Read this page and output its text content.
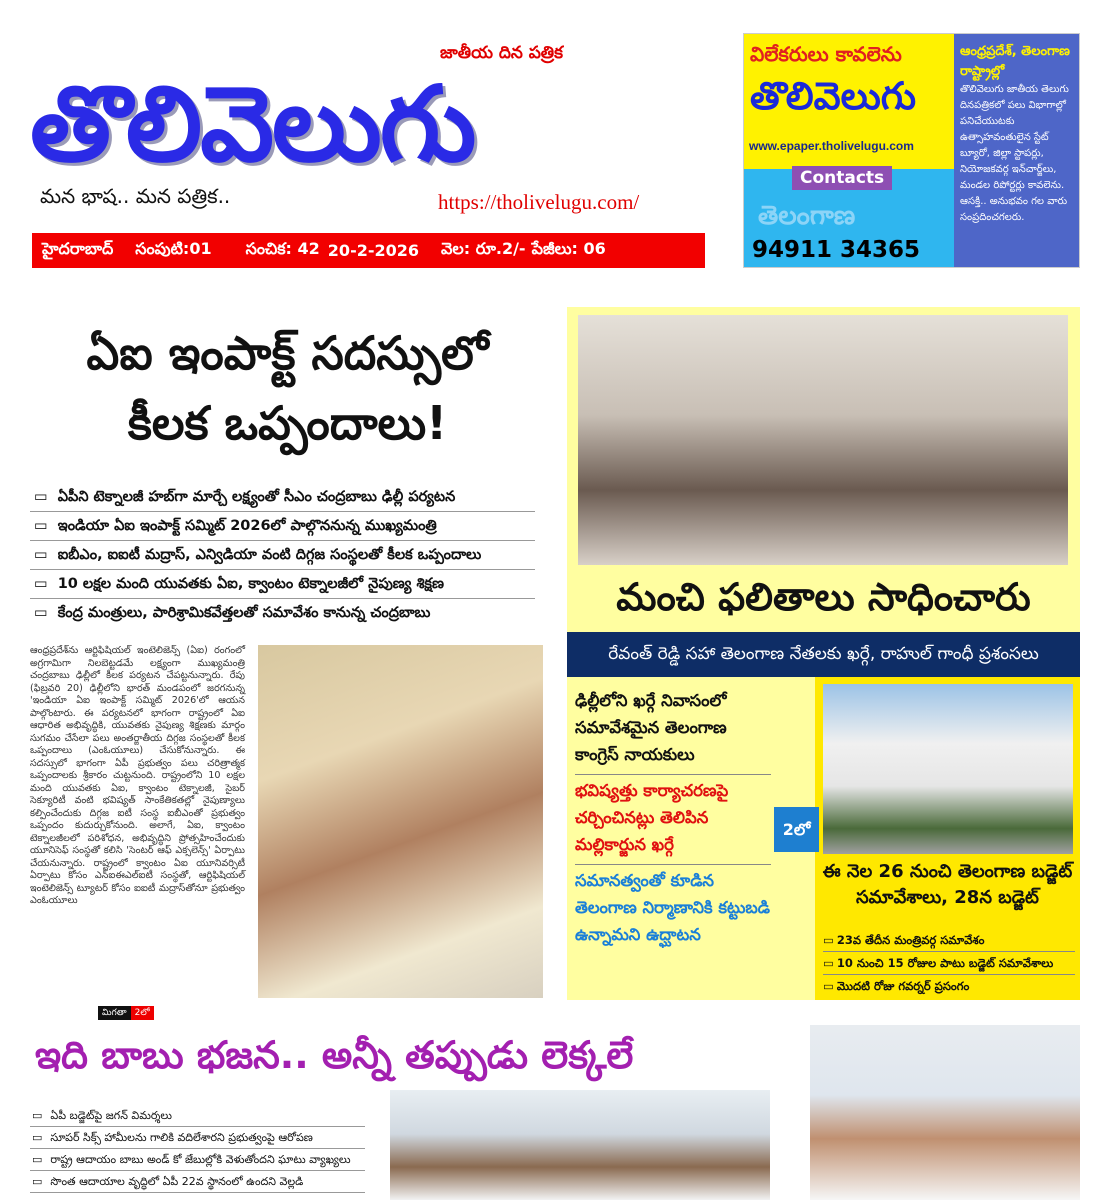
తొలివెలుగు
జాతీయ దిన పత్రిక
మన భాష.. మన పత్రిక..	https://tholivelugu.com/
హైదరాబాద్ సంపుటి:01 సంచిక: 42 20-2-2026 వెల: రూ.2/- పేజీలు: 06
విలేకరులు కావలెను
తొలివెలుగు
www.epaper.tholivelugu.com
Contacts
తెలంగాణ
94911 34365
ఆంధ్రప్రదేశ్, తెలంగాణ రాష్ట్రాల్లో
తొలివెలుగు జాతీయ తెలుగు దినపత్రికలో పలు విభాగాల్లో పనిచేయుటకు ఉత్సాహవంతులైన స్టేట్ బ్యూరో, జిల్లా స్టాపర్లు, నియోజకవర్గ ఇన్‌చార్జ్‌లు, మండల రిపోర్టర్లు కావలెను. ఆసక్తి.. అనుభవం గల వారు సంప్రదించగలరు.
ఏఐ ఇంపాక్ట్ సదస్సులో
కీలక ఒప్పందాలు!
▭ ఏపీని టెక్నాలజీ హబ్‌గా మార్చే లక్ష్యంతో సీఎం చంద్రబాబు ఢిల్లీ పర్యటన
▭ ఇండియా ఏఐ ఇంపాక్ట్ సమ్మిట్ 2026లో పాల్గొననున్న ముఖ్యమంత్రి
▭ ఐబీఎం, ఐఐటీ మద్రాస్, ఎన్విడియా వంటి దిగ్గజ సంస్థలతో కీలక ఒప్పందాలు
▭ 10 లక్షల మంది యువతకు ఏఐ, క్వాంటం టెక్నాలజీలో నైపుణ్య శిక్షణ
▭ కేంద్ర మంత్రులు, పారిశ్రామికవేత్తలతో సమావేశం కానున్న చంద్రబాబు
ఆంధ్రప్రదేశ్‌ను ఆర్టిఫిషియల్ ఇంటెలిజెన్స్ (ఏఐ) రంగంలో అగ్రగామిగా నిలబెట్టడమే లక్ష్యంగా ముఖ్యమంత్రి చంద్రబాబు ఢిల్లీలో కీలక పర్యటన చేపట్టనున్నారు. రేపు (ఫిబ్రవరి 20) ఢిల్లీలోని భారత్ మండపంలో జరగనున్న 'ఇండియా ఏఐ ఇంపాక్ట్ సమ్మిట్ 2026'లో ఆయన పాల్గొంటారు. ఈ పర్యటనలో భాగంగా రాష్ట్రంలో ఏఐ ఆధారిత అభివృద్ధికి, యువతకు నైపుణ్య శిక్షణకు మార్గం సుగమం చేసేలా పలు అంతర్జాతీయ దిగ్గజ సంస్థలతో కీలక ఒప్పందాలు (ఎంఓయూలు) చేసుకోనున్నారు. ఈ సదస్సులో భాగంగా ఏపీ ప్రభుత్వం పలు చరిత్రాత్మక ఒప్పందాలకు శ్రీకారం చుట్టనుంది. రాష్ట్రంలోని 10 లక్షల మంది యువతకు ఏఐ, క్వాంటం టెక్నాలజీ, సైబర్ సెక్యూరిటీ వంటి భవిష్యత్ సాంకేతికతల్లో నైపుణ్యాలు కల్పించేందుకు దిగ్గజ ఐటీ సంస్థ ఐబీఎంతో ప్రభుత్వం ఒప్పందం కుదుర్చుకోనుంది. అలాగే, ఏఐ, క్వాంటం టెక్నాలజీలలో పరిశోధన, అభివృద్ధిని ప్రోత్సహించేందుకు యూనిసెఫ్ సంస్థతో కలిసి 'సెంటర్ ఆఫ్ ఎక్సలెన్స్' ఏర్పాటు చేయనున్నారు. రాష్ట్రంలో క్వాంటం ఏఐ యూనివర్సిటీ ఏర్పాటు కోసం ఎన్‌ఐఈఎల్‌ఐటీ సంస్థతో, ఆర్టిఫిషియల్ ఇంటెలిజెన్స్ ట్యూటర్ కోసం ఐఐటీ మద్రాస్‌తోనూ ప్రభుత్వం ఎంఓయూలు
మిగతా 2లో
మంచి ఫలితాలు సాధించారు
రేవంత్ రెడ్డి సహా తెలంగాణ నేతలకు ఖర్గే, రాహుల్ గాంధీ ప్రశంసలు

ఢిల్లీలోని ఖర్గే నివాసంలో సమావేశమైన తెలంగాణ కాంగ్రెస్ నాయకులు

భవిష్యత్తు కార్యాచరణపై చర్చించినట్లు తెలిపిన మల్లికార్జున ఖర్గే

సమానత్వంతో కూడిన తెలంగాణ నిర్మాణానికి కట్టుబడి ఉన్నామని ఉద్ఘాటన

ఈ నెల 26 నుంచి తెలంగాణ బడ్జెట్ సమావేశాలు, 28న బడ్జెట్
▭ 23వ తేదీన మంత్రివర్గ సమావేశం
▭ 10 నుంచి 15 రోజుల పాటు బడ్జెట్ సమావేశాలు
▭ మొదటి రోజు గవర్నర్ ప్రసంగం
2లో
ఇది బాబు భజన.. అన్నీ తప్పుడు లెక్కలే
▭ ఏపీ బడ్జెట్‌పై జగన్ విమర్శలు
▭ సూపర్ సిక్స్ హామీలను గాలికి వదిలేశారని ప్రభుత్వంపై ఆరోపణ
▭ రాష్ట్ర ఆదాయం బాబు అండ్ కో జేబుల్లోకి వెళుతోందని ఘాటు వ్యాఖ్యలు
▭ సొంత ఆదాయాల వృద్ధిలో ఏపీ 22వ స్థానంలో ఉందని వెల్లడి
